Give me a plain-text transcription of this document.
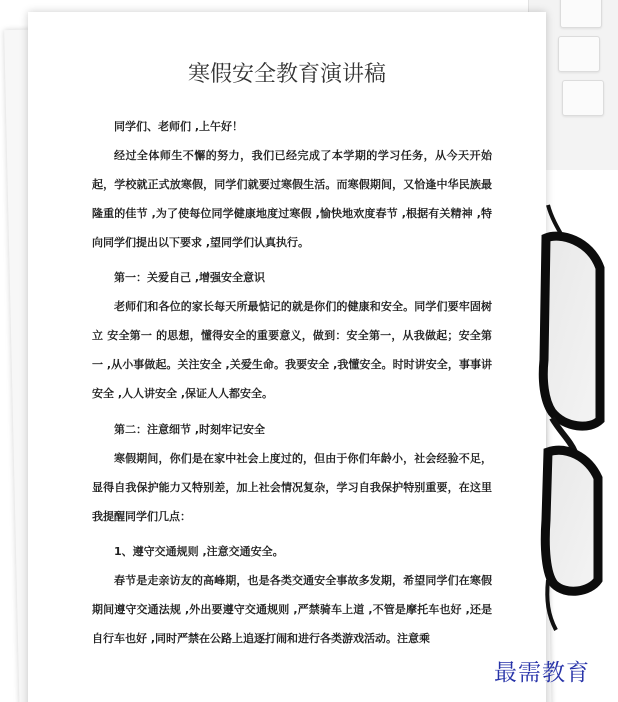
寒假安全教育演讲稿

同学们、老师们 ,上午好！

经过全体师生不懈的努力，我们已经完成了本学期的学习任务，从今天开始起，学校就正式放寒假，同学们就要过寒假生活。而寒假期间，又恰逢中华民族最隆重的佳节 ,为了使每位同学健康地度过寒假 ,愉快地欢度春节 ,根据有关精神 ,特向同学们提出以下要求 ,望同学们认真执行。

第一：关爱自己 ,增强安全意识

老师们和各位的家长每天所最惦记的就是你们的健康和安全。同学们要牢固树立 安全第一 的思想，懂得安全的重要意义，做到：安全第一，从我做起；安全第一 ,从小事做起。关注安全 ,关爱生命。我要安全 ,我懂安全。时时讲安全，事事讲安全 ,人人讲安全 ,保证人人都安全。

第二：注意细节 ,时刻牢记安全

寒假期间，你们是在家中社会上度过的，但由于你们年龄小，社会经验不足，显得自我保护能力又特别差，加上社会情况复杂，学习自我保护特别重要，在这里我提醒同学们几点：

1、遵守交通规则 ,注意交通安全。

春节是走亲访友的高峰期，也是各类交通安全事故多发期，希望同学们在寒假期间遵守交通法规 ,外出要遵守交通规则 ,严禁骑车上道 ,不管是摩托车也好 ,还是自行车也好 ,同时严禁在公路上追逐打闹和进行各类游戏活动。注意乘

最需教育
